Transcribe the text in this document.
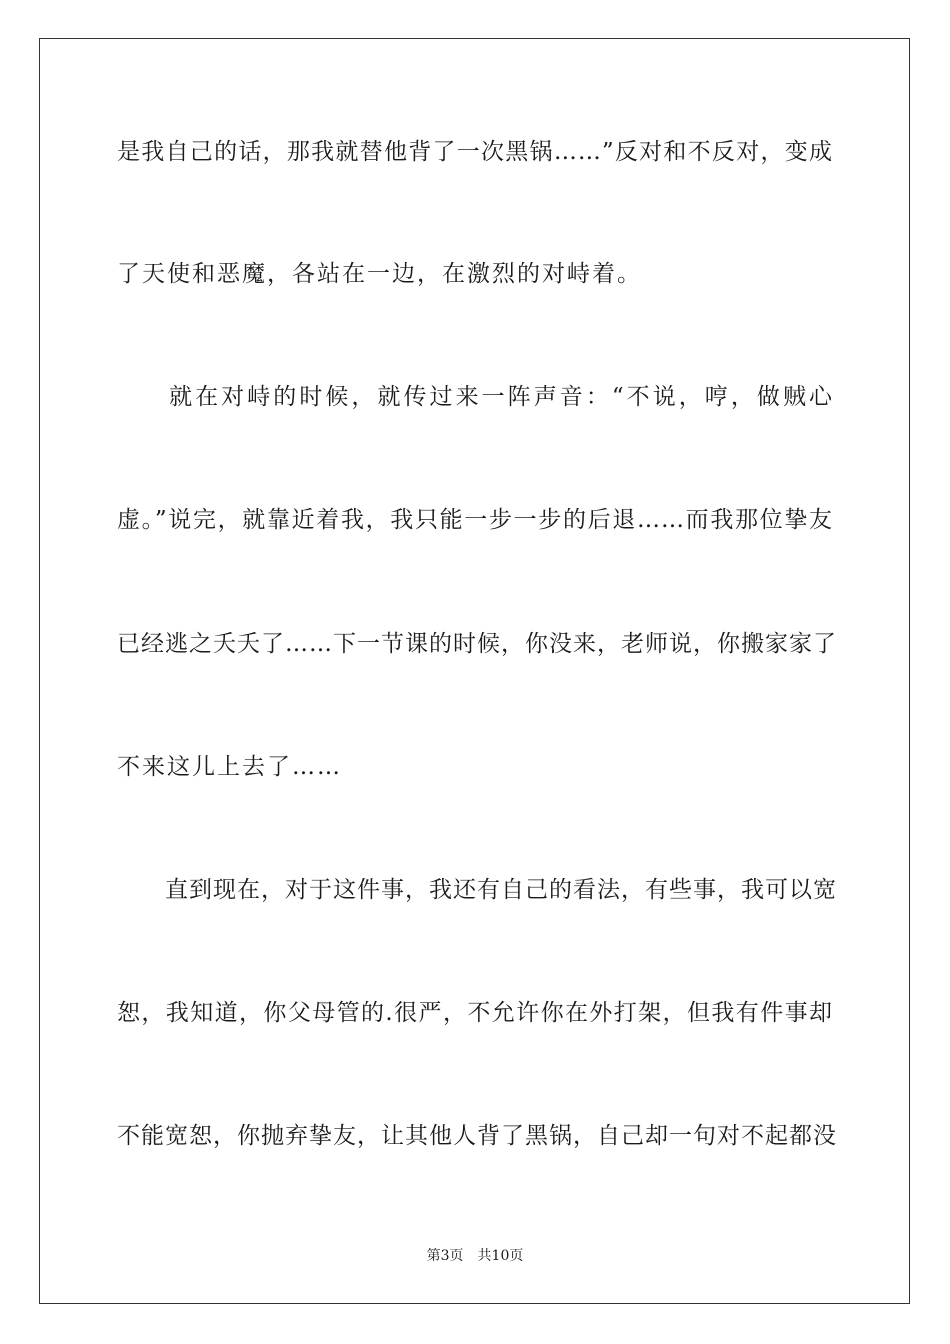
是我自己的话，那我就替他背了一次黑锅……”反对和不反对，变成
了天使和恶魔，各站在一边，在激烈的对峙着。
　　就在对峙的时候，就传过来一阵声音：“不说，哼，做贼心
虚。”说完，就靠近着我，我只能一步一步的后退……而我那位挚友
已经逃之夭夭了……下一节课的时候，你没来，老师说，你搬家家了
不来这儿上去了……
　　直到现在，对于这件事，我还有自己的看法，有些事，我可以宽
恕，我知道，你父母管的.很严，不允许你在外打架，但我有件事却
不能宽恕，你抛弃挚友，让其他人背了黑锅，自己却一句对不起都没
第3页 共10页
